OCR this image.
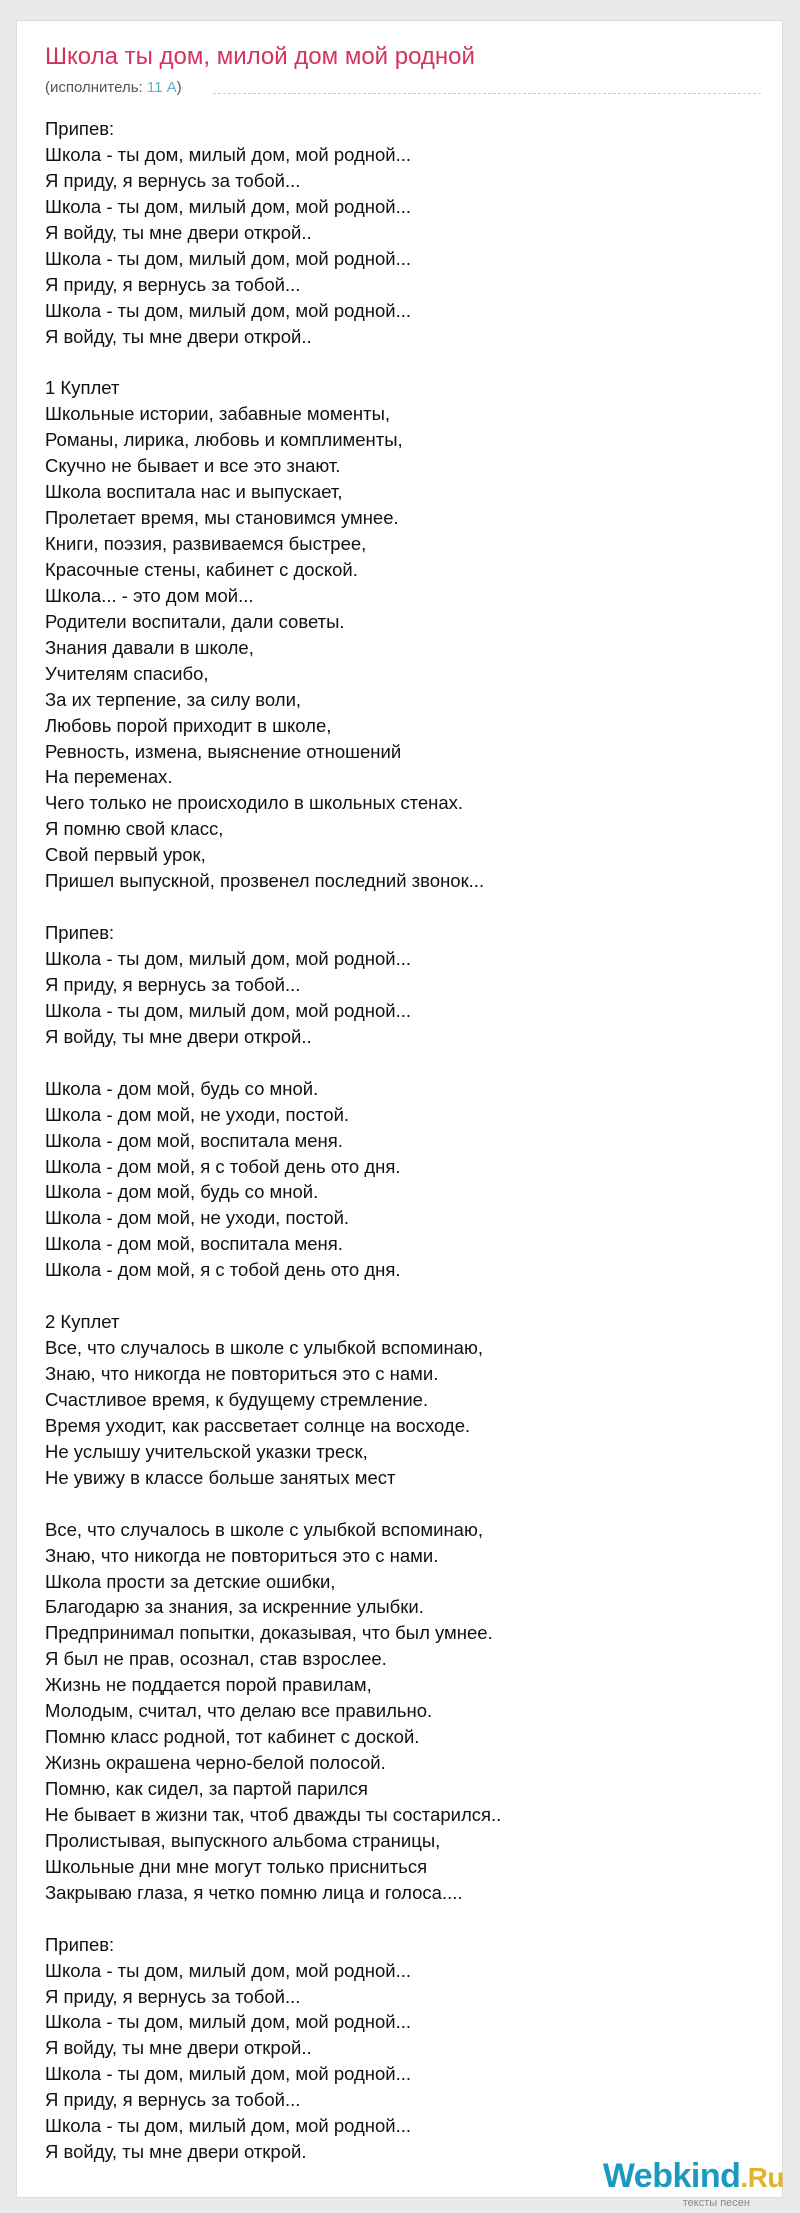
Школа ты дом, милой дом мой родной
(исполнитель: 11 А)
Припев:
Школа - ты дом, милый дом, мой родной...
Я приду, я вернусь за тобой...
Школа - ты дом, милый дом, мой родной...
Я войду, ты мне двери открой..
Школа - ты дом, милый дом, мой родной...
Я приду, я вернусь за тобой...
Школа - ты дом, милый дом, мой родной...
Я войду, ты мне двери открой..
1 Куплет
Школьные истории, забавные моменты,
Романы, лирика, любовь и комплименты,
Скучно не бывает и все это знают.
Школа воспитала нас и выпускает,
Пролетает время, мы становимся умнее.
Книги, поэзия, развиваемся быстрее,
Красочные стены, кабинет с доской.
Школа... - это дом мой...
Родители воспитали, дали советы.
Знания давали в школе,
Учителям спасибо,
За их терпение, за силу воли,
Любовь порой приходит в школе,
Ревность, измена, выяснение отношений
На переменах.
Чего только не происходило в школьных стенах.
Я помню свой класс,
Свой первый урок,
Пришел выпускной, прозвенел последний звонок...
Припев:
Школа - ты дом, милый дом, мой родной...
Я приду, я вернусь за тобой...
Школа - ты дом, милый дом, мой родной...
Я войду, ты мне двери открой..
Школа - дом мой, будь со мной.
Школа - дом мой, не уходи, постой.
Школа - дом мой, воспитала меня.
Школа - дом мой, я с тобой день ото дня.
Школа - дом мой, будь со мной.
Школа - дом мой, не уходи, постой.
Школа - дом мой, воспитала меня.
Школа - дом мой, я с тобой день ото дня.
2 Куплет
Все, что случалось в школе с улыбкой вспоминаю,
Знаю, что никогда не повториться это с нами.
Счастливое время, к будущему стремление.
Время уходит, как рассветает солнце на восходе.
Не услышу учительской указки треск,
Не увижу в классе больше занятых мест
Все, что случалось в школе с улыбкой вспоминаю,
Знаю, что никогда не повториться это с нами.
Школа прости за детские ошибки,
Благодарю за знания, за искренние улыбки.
Предпринимал попытки, доказывая, что был умнее.
Я был не прав, осознал, став взрослее.
Жизнь не поддается порой правилам,
Молодым, считал, что делаю все правильно.
Помню класс родной, тот кабинет с доской.
Жизнь окрашена черно-белой полосой.
Помню, как сидел, за партой парился
Не бывает в жизни так, чтоб дважды ты состарился..
Пролистывая, выпускного альбома страницы,
Школьные дни мне могут только присниться
Закрываю глаза, я четко помню лица и голоса....
Припев:
Школа - ты дом, милый дом, мой родной...
Я приду, я вернусь за тобой...
Школа - ты дом, милый дом, мой родной...
Я войду, ты мне двери открой..
Школа - ты дом, милый дом, мой родной...
Я приду, я вернусь за тобой...
Школа - ты дом, милый дом, мой родной...
Я войду, ты мне двери открой.
Webkind.Ru
тексты песен
